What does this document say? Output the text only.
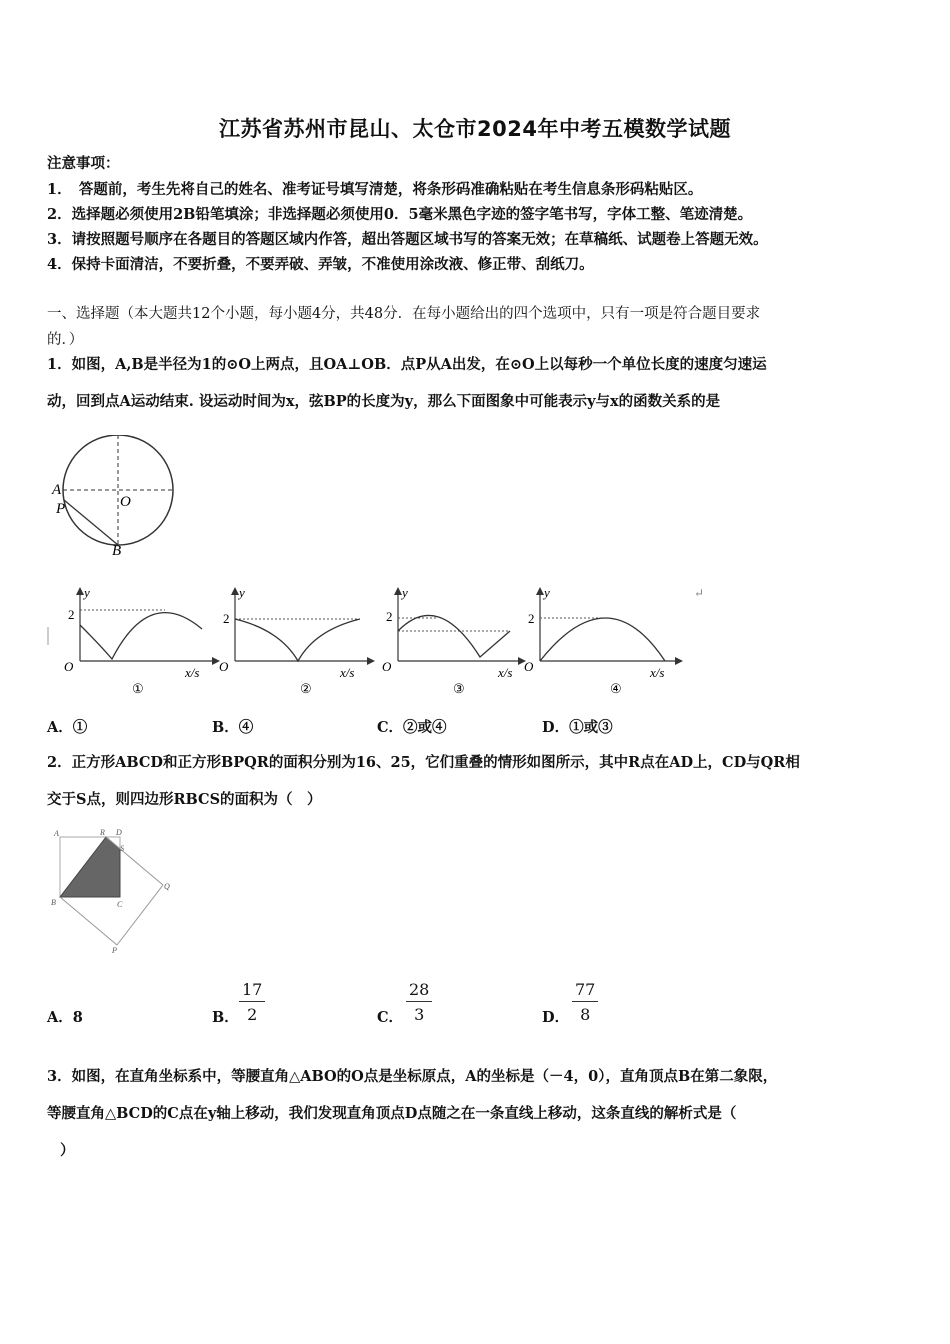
江苏省苏州市昆山、太仓市2024年中考五模数学试题
注意事项：
1．　答题前，考生先将自己的姓名、准考证号填写清楚，将条形码准确粘贴在考生信息条形码粘贴区。
2．选择题必须使用2B铅笔填涂；非选择题必须使用0．5毫米黑色字迹的签字笔书写，字体工整、笔迹清楚。
3．请按照题号顺序在各题目的答题区域内作答，超出答题区域书写的答案无效；在草稿纸、试题卷上答题无效。
4．保持卡面清洁，不要折叠，不要弄破、弄皱，不准使用涂改液、修正带、刮纸刀。
一、选择题（本大题共12个小题，每小题4分，共48分．在每小题给出的四个选项中，只有一项是符合题目要求
的．）
1．如图，A,B是半径为1的⊙O上两点，且OA⊥OB．点P从A出发，在⊙O上以每秒一个单位长度的速度匀速运
动，回到点A运动结束. 设运动时间为x，弦BP的长度为y，那么下面图象中可能表示y与x的函数关系的是
A
O
P
B
y
2
O	x/s
①
y
2
O	x/s
②
y
2
O	x/s
③
y
2
O	x/s
④
↵
A．①	B．④	C．②或④	D．①或③
2．正方形ABCD和正方形BPQR的面积分别为16、25，它们重叠的情形如图所示，其中R点在AD上，CD与QR相
交于S点，则四边形RBCS的面积为（　）
A	R D
S
Q
B	C
P
A．8	B． $\frac{17}{2}$	C． $\frac{28}{3}$	D． $\frac{77}{8}$
3．如图，在直角坐标系中，等腰直角△ABO的O点是坐标原点，A的坐标是（－4，0），直角顶点B在第二象限，
等腰直角△BCD的C点在y轴上移动，我们发现直角顶点D点随之在一条直线上移动，这条直线的解析式是（
）
